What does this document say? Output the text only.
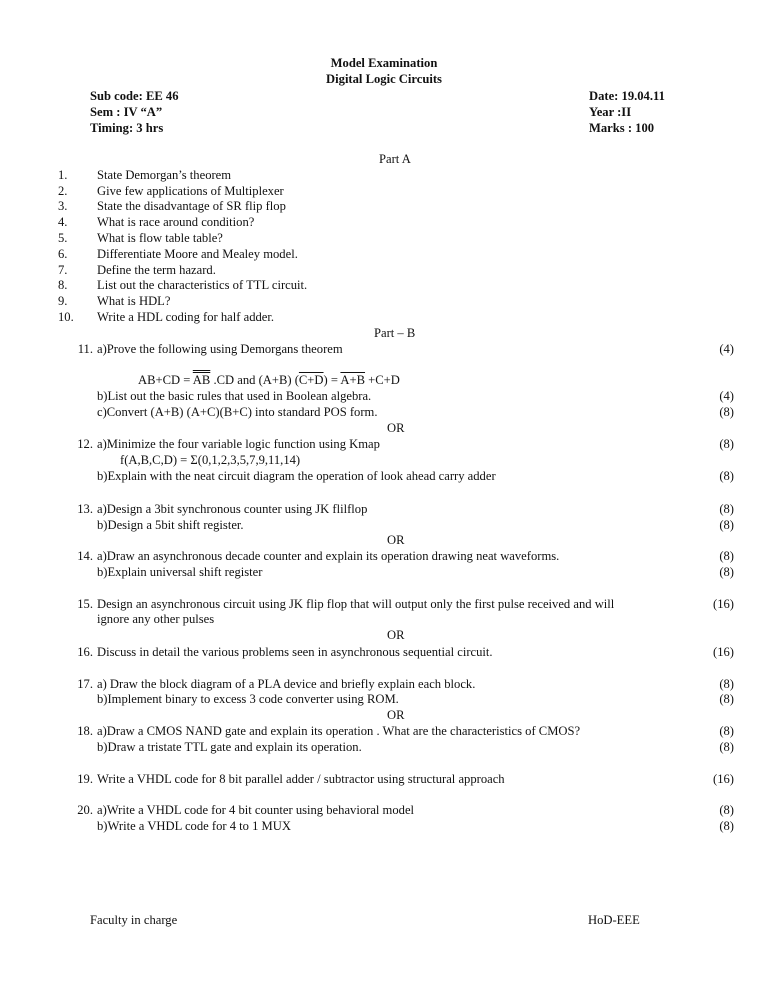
Model Examination
Digital Logic Circuits
Sub code: EE 46
Sem : IV “A”
Timing: 3 hrs
Date: 19.04.11
Year :II
Marks : 100
Part A
1. State Demorgan’s theorem
2. Give few applications of Multiplexer
3. State the disadvantage of SR flip flop
4. What is race around condition?
5. What is flow table table?
6. Differentiate Moore and Mealey model.
7. Define the term hazard.
8. List out the characteristics of TTL circuit.
9. What is HDL?
10. Write a HDL coding for half adder.
Part – B
11. a)Prove the following using Demorgans theorem	(4)
AB+CD = AB .CD and (A+B) (C+D) = A+B +C+D
b)List out the basic rules that used in Boolean algebra.	(4)
c)Convert (A+B) (A+C)(B+C) into standard POS form.	(8)
OR
12. a)Minimize the four variable logic function using Kmap	(8)
f(A,B,C,D) = Σ(0,1,2,3,5,7,9,11,14)
b)Explain with the neat circuit diagram the operation of look ahead carry adder	(8)
13. a)Design a 3bit synchronous counter using JK flilflop	(8)
b)Design a 5bit shift register.	(8)
OR
14. a)Draw an asynchronous decade counter and explain its operation drawing neat waveforms.	(8)
b)Explain universal shift register	(8)
15. Design an asynchronous circuit using JK flip flop that will output only the first pulse received and will	(16)
ignore any other pulses
OR
16. Discuss in detail the various problems seen in asynchronous sequential circuit.	(16)
17. a) Draw the block diagram of a PLA device and briefly explain each block.	(8)
b)Implement binary to excess 3 code converter using ROM.	(8)
OR
18. a)Draw a CMOS NAND gate and explain its operation . What are the characteristics of CMOS?	(8)
b)Draw a tristate TTL gate and explain its operation.	(8)
19. Write a VHDL code for 8 bit parallel adder / subtractor using structural approach	(16)
20. a)Write a VHDL code for 4 bit counter using behavioral model	(8)
b)Write a VHDL code for 4 to 1 MUX	(8)
Faculty in charge	HoD-EEE
